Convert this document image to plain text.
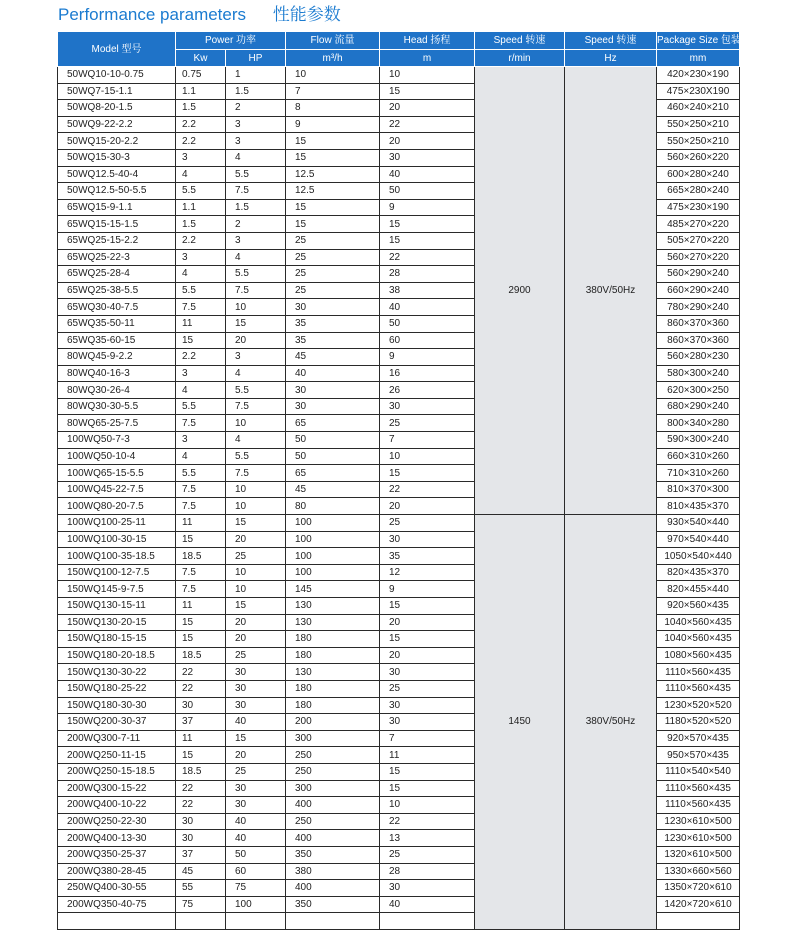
Performance parameters 性能参数
Model 型号	Power 功率		Flow 流量	Head 扬程	Speed 转速	Speed 转速	Package Size 包装尺寸
	Kw	HP	m³/h	m	r/min	Hz	mm
50WQ10-10-0.75	0.75	1	10	10	2900	380V/50Hz	420×230×190
50WQ7-15-1.1	1.1	1.5	7	15			475×230X190
50WQ8-20-1.5	1.5	2	8	20			460×240×210
50WQ9-22-2.2	2.2	3	9	22			550×250×210
50WQ15-20-2.2	2.2	3	15	20			550×250×210
50WQ15-30-3	3	4	15	30			560×260×220
50WQ12.5-40-4	4	5.5	12.5	40			600×280×240
50WQ12.5-50-5.5	5.5	7.5	12.5	50			665×280×240
65WQ15-9-1.1	1.1	1.5	15	9			475×230×190
65WQ15-15-1.5	1.5	2	15	15			485×270×220
65WQ25-15-2.2	2.2	3	25	15			505×270×220
65WQ25-22-3	3	4	25	22			560×270×220
65WQ25-28-4	4	5.5	25	28			560×290×240
65WQ25-38-5.5	5.5	7.5	25	38			660×290×240
65WQ30-40-7.5	7.5	10	30	40			780×290×240
65WQ35-50-11	11	15	35	50			860×370×360
65WQ35-60-15	15	20	35	60			860×370×360
80WQ45-9-2.2	2.2	3	45	9			560×280×230
80WQ40-16-3	3	4	40	16			580×300×240
80WQ30-26-4	4	5.5	30	26			620×300×250
80WQ30-30-5.5	5.5	7.5	30	30			680×290×240
80WQ65-25-7.5	7.5	10	65	25			800×340×280
100WQ50-7-3	3	4	50	7			590×300×240
100WQ50-10-4	4	5.5	50	10			660×310×260
100WQ65-15-5.5	5.5	7.5	65	15			710×310×260
100WQ45-22-7.5	7.5	10	45	22			810×370×300
100WQ80-20-7.5	7.5	10	80	20			810×435×370
100WQ100-25-11	11	15	100	25	1450	380V/50Hz	930×540×440
100WQ100-30-15	15	20	100	30			970×540×440
100WQ100-35-18.5	18.5	25	100	35			1050×540×440
150WQ100-12-7.5	7.5	10	100	12			820×435×370
150WQ145-9-7.5	7.5	10	145	9			820×455×440
150WQ130-15-11	11	15	130	15			920×560×435
150WQ130-20-15	15	20	130	20			1040×560×435
150WQ180-15-15	15	20	180	15			1040×560×435
150WQ180-20-18.5	18.5	25	180	20			1080×560×435
150WQ130-30-22	22	30	130	30			1110×560×435
150WQ180-25-22	22	30	180	25			1110×560×435
150WQ180-30-30	30	30	180	30			1230×520×520
150WQ200-30-37	37	40	200	30			1180×520×520
200WQ300-7-11	11	15	300	7			920×570×435
200WQ250-11-15	15	20	250	11			950×570×435
200WQ250-15-18.5	18.5	25	250	15			1110×540×540
200WQ300-15-22	22	30	300	15			1110×560×435
200WQ400-10-22	22	30	400	10			1110×560×435
200WQ250-22-30	30	40	250	22			1230×610×500
200WQ400-13-30	30	40	400	13			1230×610×500
200WQ350-25-37	37	50	350	25			1320×610×500
200WQ380-28-45	45	60	380	28			1330×660×560
250WQ400-30-55	55	75	400	30			1350×720×610
200WQ350-40-75	75	100	350	40			1420×720×610
